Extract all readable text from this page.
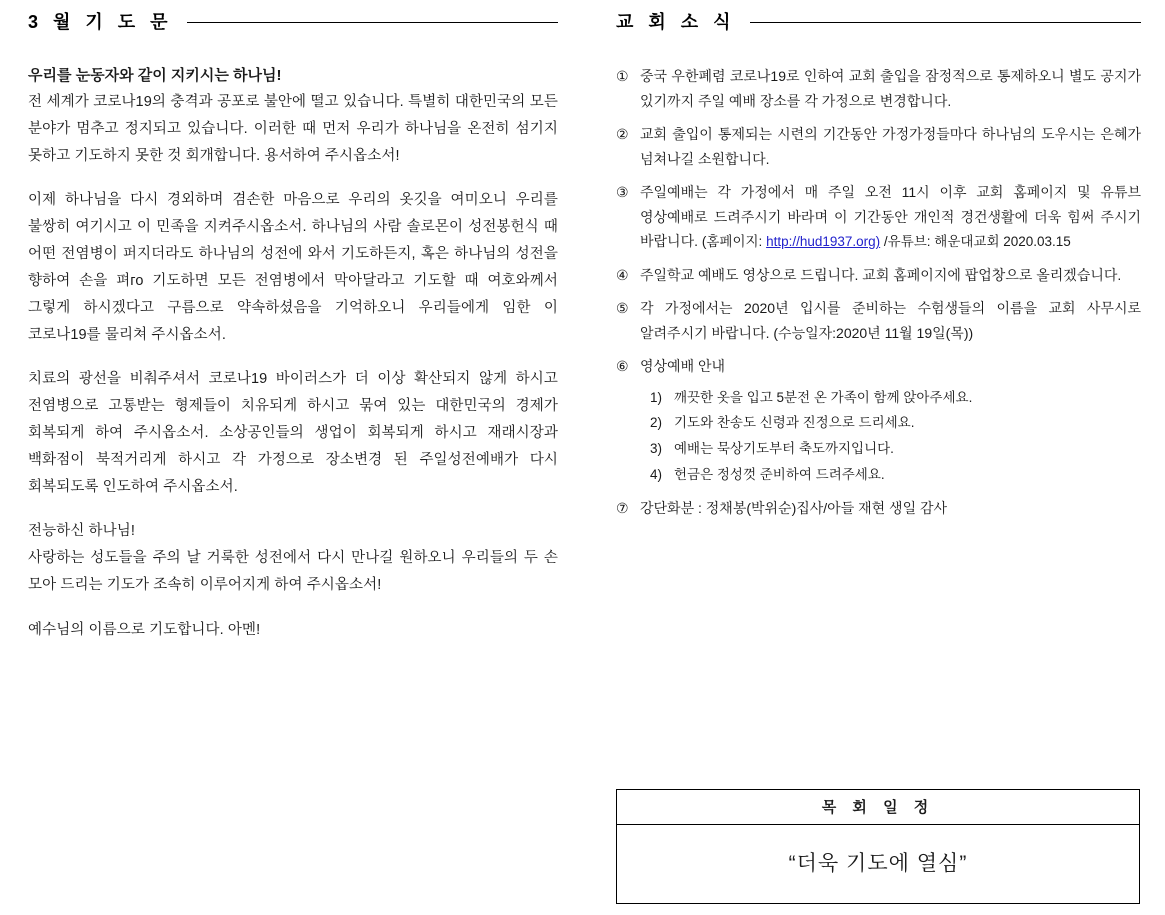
3 월 기 도 문

우리를 눈동자와 같이 지키시는 하나님!

전 세계가 코로나19의 충격과 공포로 불안에 떨고 있습니다. 특별히 대한민국의 모든 분야가 멈추고 정지되고 있습니다. 이러한 때 먼저 우리가 하나님을 온전히 섬기지 못하고 기도하지 못한 것 회개합니다. 용서하여 주시옵소서!

이제 하나님을 다시 경외하며 겸손한 마음으로 우리의 옷깃을 여미오니 우리를 불쌍히 여기시고 이 민족을 지켜주시옵소서. 하나님의 사람 솔로몬이 성전봉헌식 때 어떤 전염병이 퍼지더라도 하나님의 성전에 와서 기도하든지, 혹은 하나님의 성전을 향하여 손을 펴го 기도하면 모든 전염병에서 막아달라고 기도할 때 여호와께서 그렇게 하시겠다고 구름으로 약속하셨음을 기억하오니 우리들에게 임한 이 코로나19를 물리쳐 주시옵소서.

치료의 광선을 비춰주셔서 코로나19 바이러스가 더 이상 확산되지 않게 하시고 전염병으로 고통받는 형제들이 치유되게 하시고 묶여 있는 대한민국의 경제가 회복되게 하여 주시옵소서. 소상공인들의 생업이 회복되게 하시고 재래시장과 백화점이 북적거리게 하시고 각 가정으로 장소변경 된 주일성전예배가 다시 회복되도록 인도하여 주시옵소서.

전능하신 하나님!

사랑하는 성도들을 주의 날 거룩한 성전에서 다시 만나길 원하오니 우리들의 두 손 모아 드리는 기도가 조속히 이루어지게 하여 주시옵소서!

예수님의 이름으로 기도합니다. 아멘!

교 회 소 식
① 중국 우한폐렴 코로나19로 인하여 교회 출입을 잠정적으로 통제하오니 별도 공지가 있기까지 주일 예배 장소를 각 가정으로 변경합니다.
② 교회 출입이 통제되는 시련의 기간동안 가정가정들마다 하나님의 도우시는 은혜가 넘쳐나길 소원합니다.
③ 주일예배는 각 가정에서 매 주일 오전 11시 이후 교회 홈페이지 및 유튜브 영상예배로 드려주시기 바라며 이 기간동안 개인적 경건생활에 더욱 힘써 주시기 바랍니다. (홈페이지: http://hud1937.org) /유튜브: 해운대교회 2020.03.15
④ 주일학교 예배도 영상으로 드립니다. 교회 홈페이지에 팝업창으로 올리겠습니다.
⑤ 각 가정에서는 2020년 입시를 준비하는 수험생들의 이름을 교회 사무시로 알려주시기 바랍니다. (수능일자:2020년 11월 19일(목))
⑥ 영상예배 안내
1) 깨끗한 옷을 입고 5분전 온 가족이 함께 앉아주세요.
2) 기도와 찬송도 신령과 진정으로 드리세요.
3) 예배는 묵상기도부터 축도까지입니다.
4) 헌금은 정성껏 준비하여 드려주세요.
⑦ 강단화분 : 정채봉(박위순)집사/아들 재현 생일 감사
목 회 일 정
“더욱 기도에 열심”
